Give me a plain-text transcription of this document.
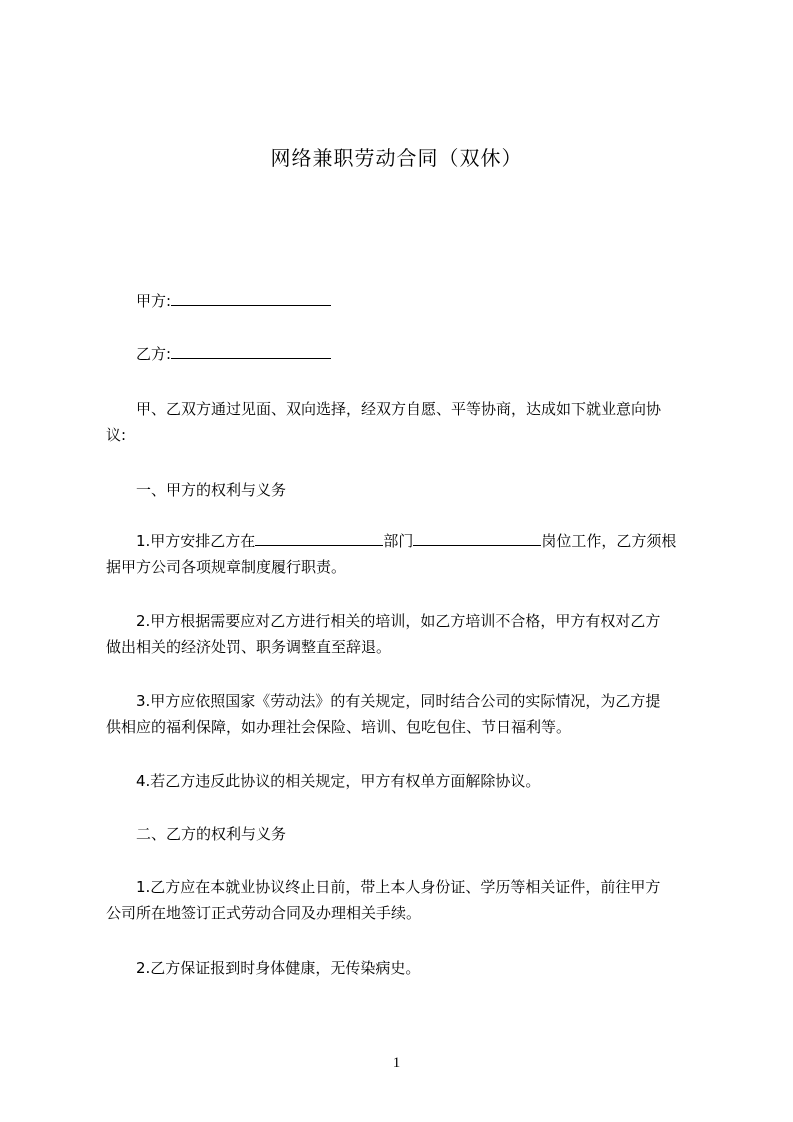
网络兼职劳动合同（双休）
甲方:
乙方:
甲、乙双方通过见面、双向选择，经双方自愿、平等协商，达成如下就业意向协
议:
一、甲方的权利与义务
1.甲方安排乙方在	部门	岗位工作，乙方须根
据甲方公司各项规章制度履行职责。
2.甲方根据需要应对乙方进行相关的培训，如乙方培训不合格，甲方有权对乙方
做出相关的经济处罚、职务调整直至辞退。
3.甲方应依照国家《劳动法》的有关规定，同时结合公司的实际情况，为乙方提
供相应的福利保障，如办理社会保险、培训、包吃包住、节日福利等。
4.若乙方违反此协议的相关规定，甲方有权单方面解除协议。
二、乙方的权利与义务
1.乙方应在本就业协议终止日前，带上本人身份证、学历等相关证件，前往甲方
公司所在地签订正式劳动合同及办理相关手续。
2.乙方保证报到时身体健康，无传染病史。
1
